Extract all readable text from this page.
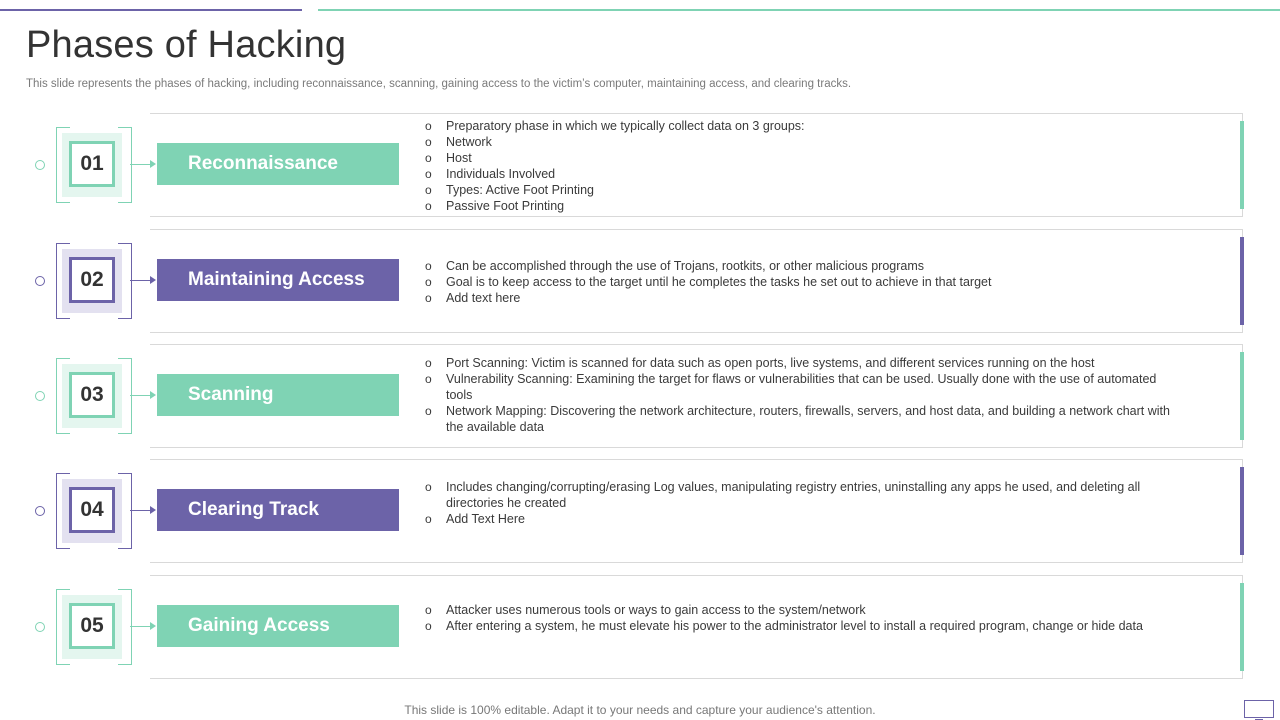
Phases of Hacking

This slide represents the phases of hacking, including reconnaissance, scanning, gaining access to the victim’s computer, maintaining access, and clearing tracks.

01	Reconnaissance
o Preparatory phase in which we typically collect data on 3 groups:
o Network
o Host
o Individuals Involved
o Types: Active Foot Printing
o Passive Foot Printing
02	Maintaining Access
o Can be accomplished through the use of Trojans, rootkits, or other malicious programs
o Goal is to keep access to the target until he completes the tasks he set out to achieve in that target
o Add text here
03	Scanning
o Port Scanning: Victim is scanned for data such as open ports, live systems, and different services running on the host
o Vulnerability Scanning: Examining the target for flaws or vulnerabilities that can be used. Usually done with the use of automated tools
o Network Mapping: Discovering the network architecture, routers, firewalls, servers, and host data, and building a network chart with the available data
04	Clearing Track
o Includes changing/corrupting/erasing Log values, manipulating registry entries, uninstalling any apps he used, and deleting all directories he created
o Add Text Here
05	Gaining Access
o Attacker uses numerous tools or ways to gain access to the system/network
o After entering a system, he must elevate his power to the administrator level to install a required program, change or hide data

This slide is 100% editable. Adapt it to your needs and capture your audience's attention.
